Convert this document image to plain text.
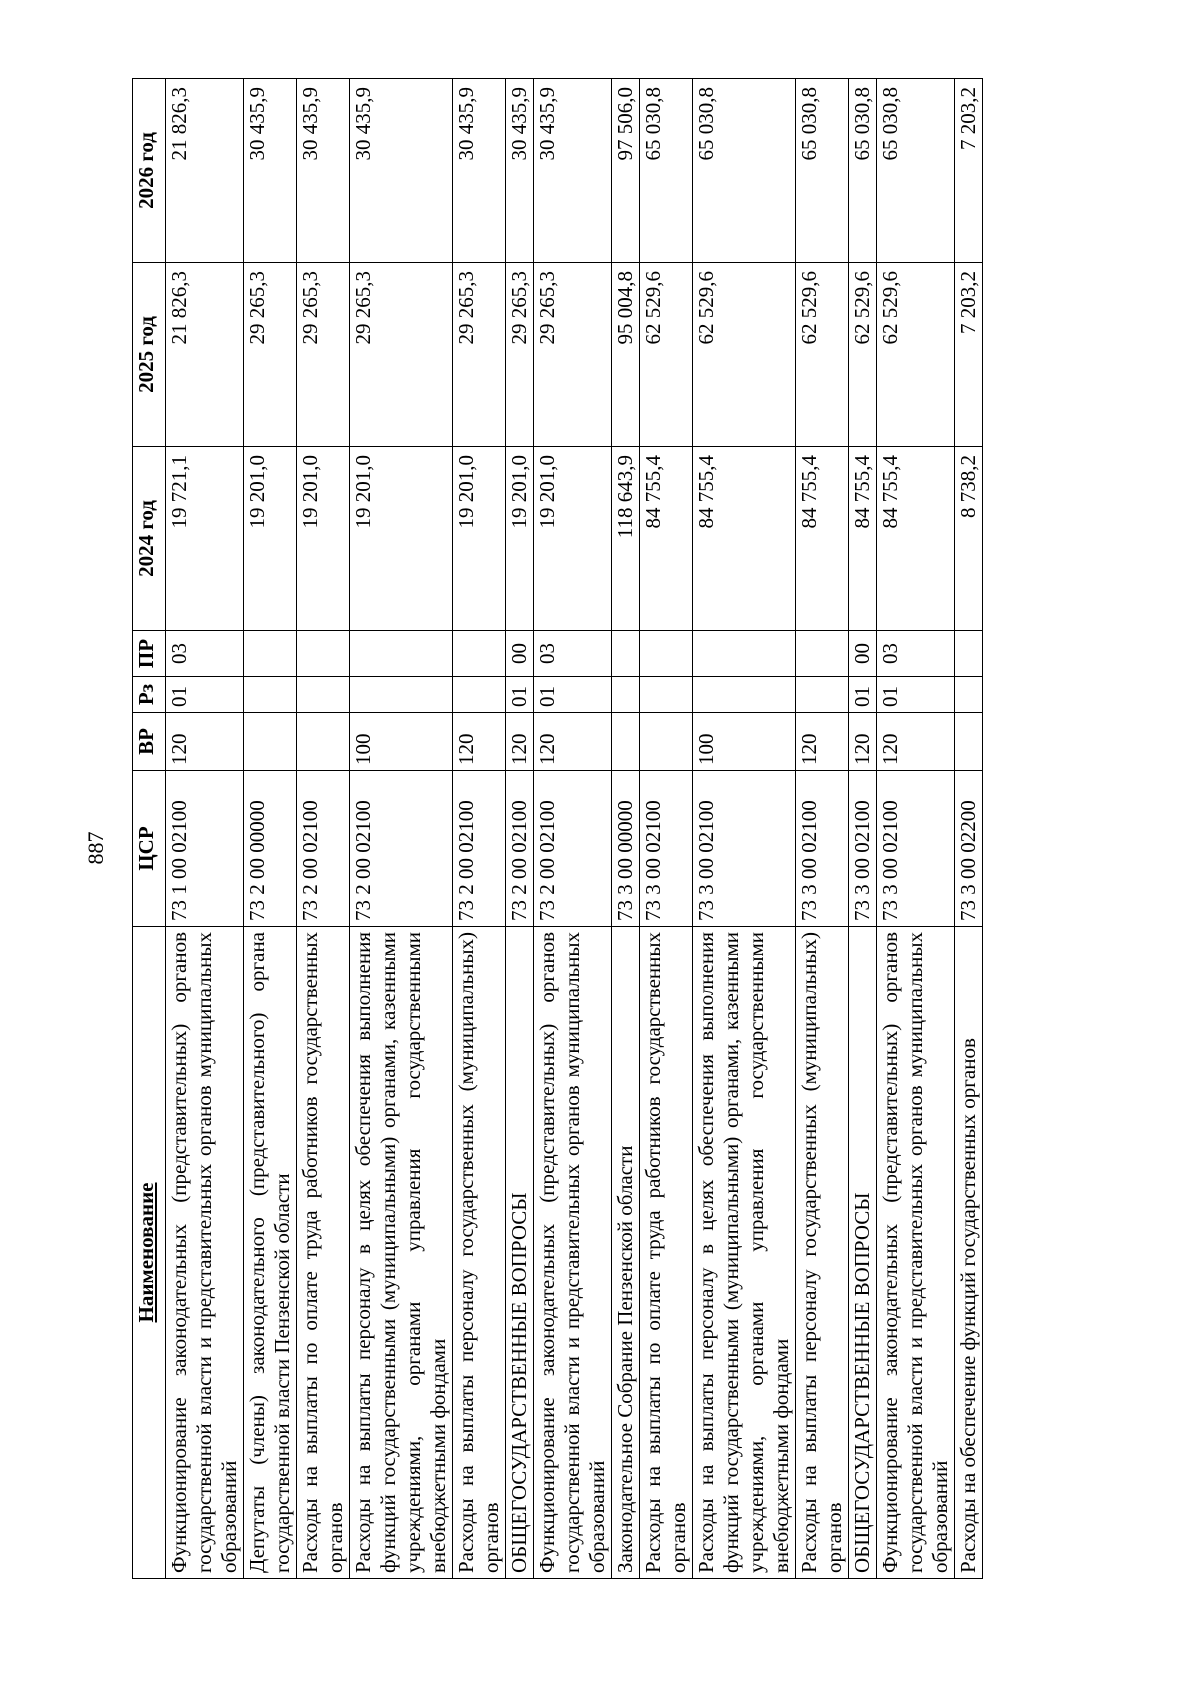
887
Наименование	ЦСР	ВР	Рз	ПР	2024 год	2025 год	2026 год
Функционирование законодательных (представительных) органов государственной власти и представительных органов муниципальных образований	73 1 00 02100	120	01	03	19 721,1	21 826,3	21 826,3
Депутаты (члены) законодательного (представительного) органа государственной власти Пензенской области	73 2 00 00000				19 201,0	29 265,3	30 435,9
Расходы на выплаты по оплате труда работников государственных органов	73 2 00 02100				19 201,0	29 265,3	30 435,9
Расходы на выплаты персоналу в целях обеспечения выполнения функций государственными (муниципальными) органами, казенными учреждениями, органами управления государственными внебюджетными фондами	73 2 00 02100	100			19 201,0	29 265,3	30 435,9
Расходы на выплаты персоналу государственных (муниципальных) органов	73 2 00 02100	120			19 201,0	29 265,3	30 435,9
ОБЩЕГОСУДАРСТВЕННЫЕ ВОПРОСЫ	73 2 00 02100	120	01	00	19 201,0	29 265,3	30 435,9
Функционирование законодательных (представительных) органов государственной власти и представительных органов муниципальных образований	73 2 00 02100	120	01	03	19 201,0	29 265,3	30 435,9
Законодательное Собрание Пензенской области	73 3 00 00000				118 643,9	95 004,8	97 506,0
Расходы на выплаты по оплате труда работников государственных органов	73 3 00 02100				84 755,4	62 529,6	65 030,8
Расходы на выплаты персоналу в целях обеспечения выполнения функций государственными (муниципальными) органами, казенными учреждениями, органами управления государственными внебюджетными фондами	73 3 00 02100	100			84 755,4	62 529,6	65 030,8
Расходы на выплаты персоналу государственных (муниципальных) органов	73 3 00 02100	120			84 755,4	62 529,6	65 030,8
ОБЩЕГОСУДАРСТВЕННЫЕ ВОПРОСЫ	73 3 00 02100	120	01	00	84 755,4	62 529,6	65 030,8
Функционирование законодательных (представительных) органов государственной власти и представительных органов муниципальных образований	73 3 00 02100	120	01	03	84 755,4	62 529,6	65 030,8
Расходы на обеспечение функций государственных органов	73 3 00 02200				8 738,2	7 203,2	7 203,2
